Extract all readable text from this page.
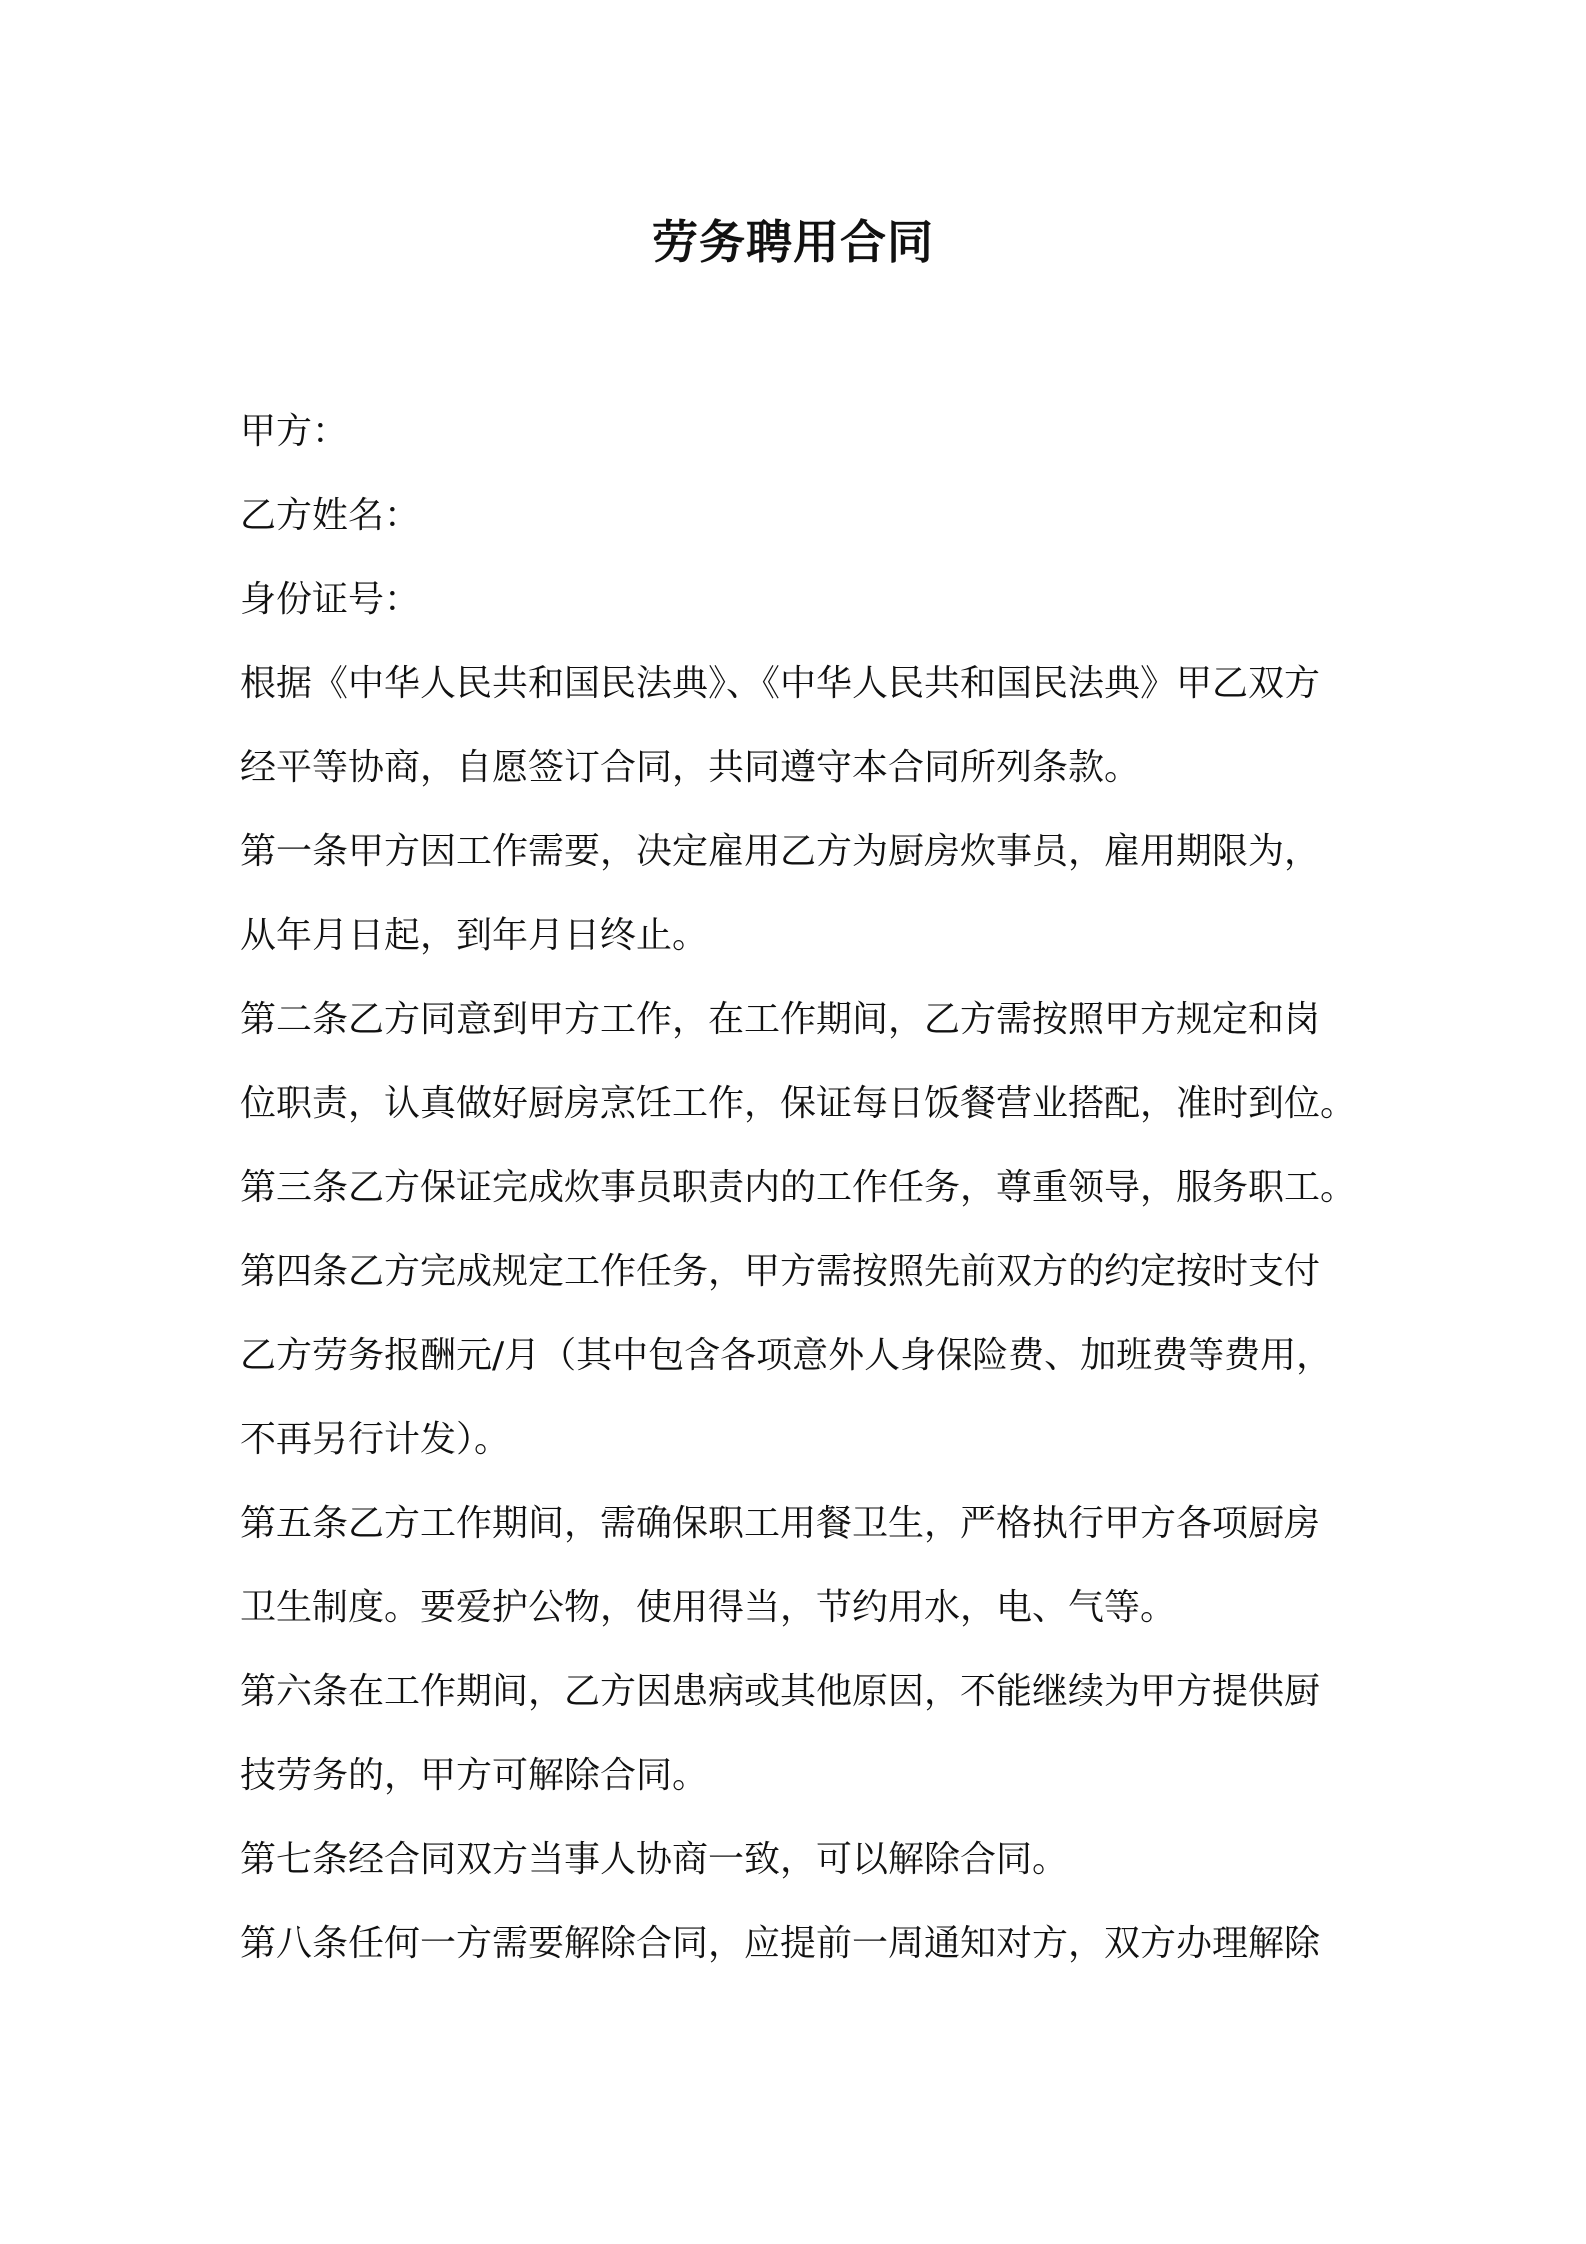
劳务聘用合同

甲方：

乙方姓名：

身份证号：

根据《中华人民共和国民法典》、《中华人民共和国民法典》甲乙双方

经平等协商，自愿签订合同，共同遵守本合同所列条款。

第一条甲方因工作需要，决定雇用乙方为厨房炊事员，雇用期限为，

从年月日起，到年月日终止。

第二条乙方同意到甲方工作，在工作期间，乙方需按照甲方规定和岗

位职责，认真做好厨房烹饪工作，保证每日饭餐营业搭配，准时到位。

第三条乙方保证完成炊事员职责内的工作任务，尊重领导，服务职工。

第四条乙方完成规定工作任务，甲方需按照先前双方的约定按时支付

乙方劳务报酬元/月（其中包含各项意外人身保险费、加班费等费用，

不再另行计发）。

第五条乙方工作期间，需确保职工用餐卫生，严格执行甲方各项厨房

卫生制度。要爱护公物，使用得当，节约用水，电、气等。

第六条在工作期间，乙方因患病或其他原因，不能继续为甲方提供厨

技劳务的，甲方可解除合同。

第七条经合同双方当事人协商一致，可以解除合同。

第八条任何一方需要解除合同，应提前一周通知对方，双方办理解除
